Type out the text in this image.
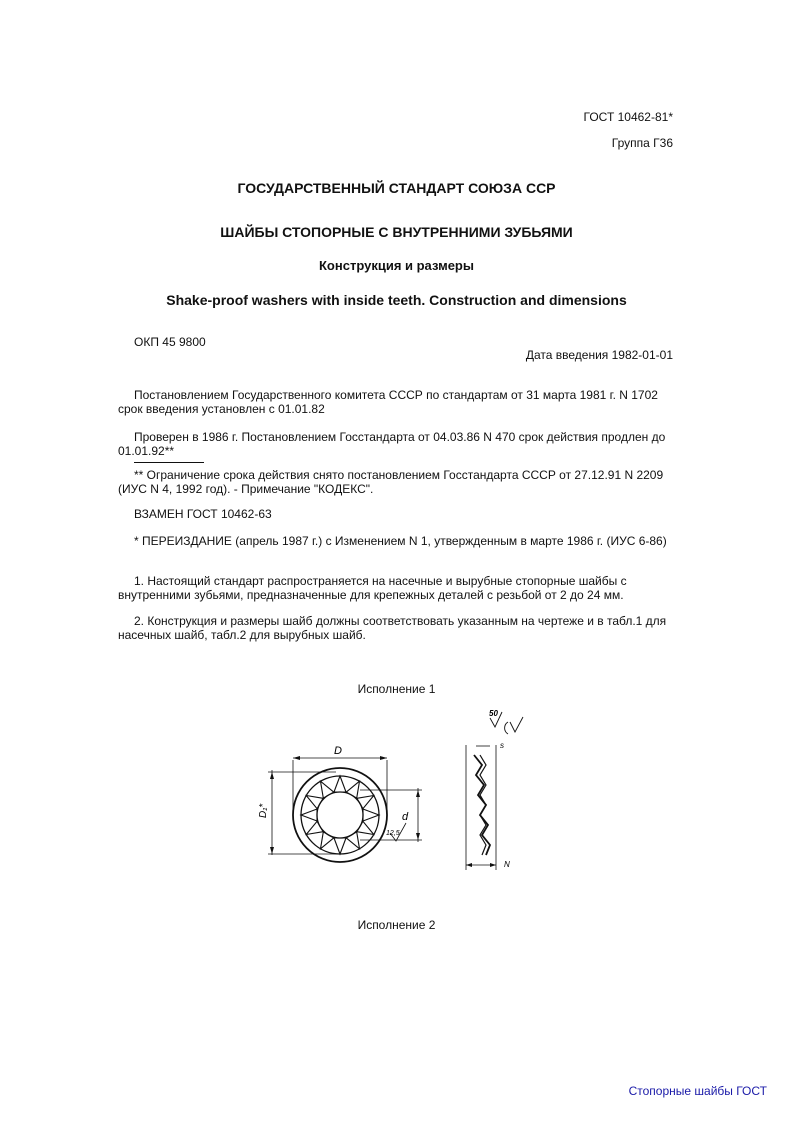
ГОСТ 10462-81*
Группа Г36
ГОСУДАРСТВЕННЫЙ СТАНДАРТ СОЮЗА ССР
ШАЙБЫ СТОПОРНЫЕ С ВНУТРЕННИМИ ЗУБЬЯМИ
Конструкция и размеры
Shake-proof washers with inside teeth. Construction and dimensions
ОКП 45 9800
Дата введения 1982-01-01

Постановлением Государственного комитета СССР по стандартам от 31 марта 1981 г. N 1702 срок введения установлен с 01.01.82

Проверен в 1986 г. Постановлением Госстандарта от 04.03.86 N 470 срок действия продлен до 01.01.92**

** Ограничение срока действия снято постановлением Госстандарта СССР от 27.12.91 N 2209 (ИУС N 4, 1992 год). - Примечание "КОДЕКС".

ВЗАМЕН ГОСТ 10462-63

* ПЕРЕИЗДАНИЕ (апрель 1987 г.) с Изменением N 1, утвержденным в марте 1986 г. (ИУС 6-86)

1. Настоящий стандарт распространяется на насечные и вырубные стопорные шайбы с внутренними зубьями, предназначенные для крепежных деталей с резьбой от 2 до 24 мм.

2. Конструкция и размеры шайб должны соответствовать указанным на чертеже и в табл.1 для насечных шайб, табл.2 для вырубных шайб.

Исполнение 1
Исполнение 2
D
D₁*	d
12,5
s
N
50
Стопорные шайбы ГОСТ
